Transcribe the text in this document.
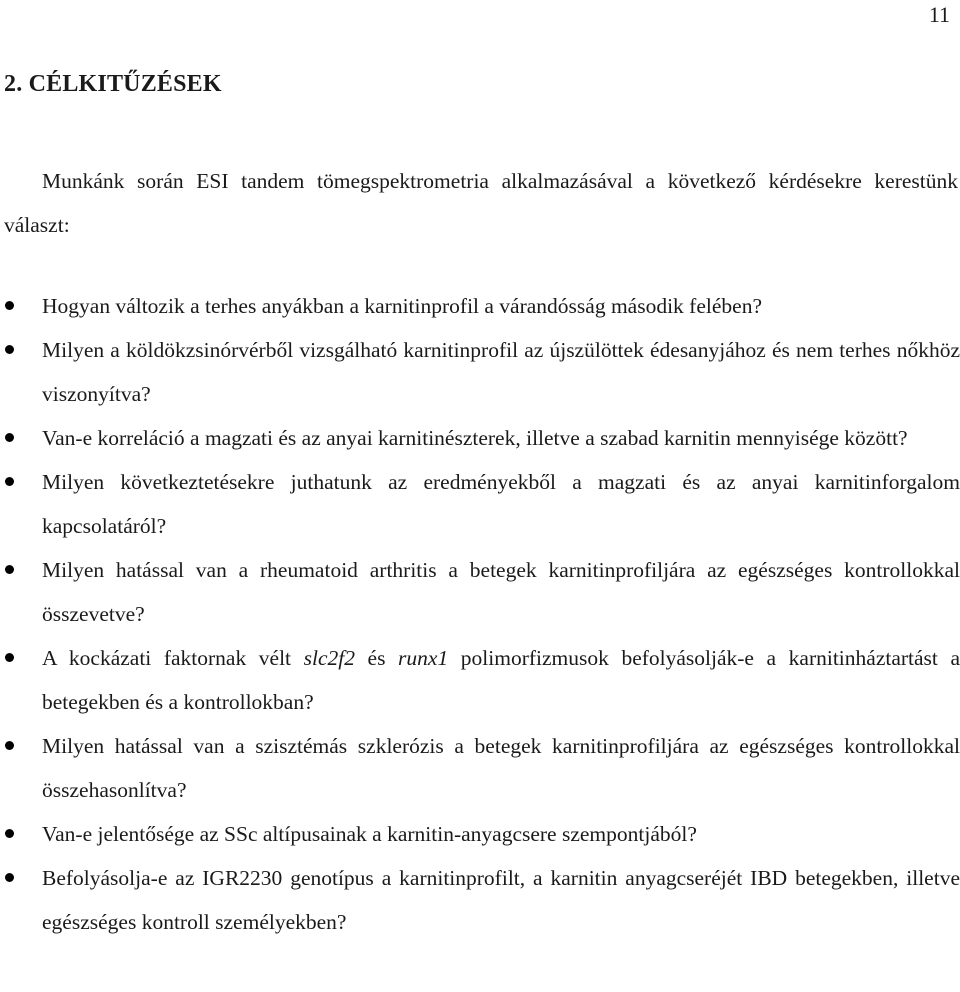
11
2. CÉLKITŰZÉSEK

Munkánk során ESI tandem tömegspektrometria alkalmazásával a következő kérdésekre kerestünk választ:

Hogyan változik a terhes anyákban a karnitinprofil a várandósság második felében?
Milyen a köldökzsinórvérből vizsgálható karnitinprofil az újszülöttek édesanyjához és nem terhes nőkhöz viszonyítva?
Van-e korreláció a magzati és az anyai karnitinészterek, illetve a szabad karnitin mennyisége között?
Milyen következtetésekre juthatunk az eredményekből a magzati és az anyai karnitinforgalom kapcsolatáról?
Milyen hatással van a rheumatoid arthritis a betegek karnitinprofiljára az egészséges kontrollokkal összevetve?
A kockázati faktornak vélt slc2f2 és runx1 polimorfizmusok befolyásolják-e a karnitinháztartást a betegekben és a kontrollokban?
Milyen hatással van a szisztémás szklerózis a betegek karnitinprofiljára az egészséges kontrollokkal összehasonlítva?
Van-e jelentősége az SSc altípusainak a karnitin-anyagcsere szempontjából?
Befolyásolja-e az IGR2230 genotípus a karnitinprofilt, a karnitin anyagcseréjét IBD betegekben, illetve egészséges kontroll személyekben?
